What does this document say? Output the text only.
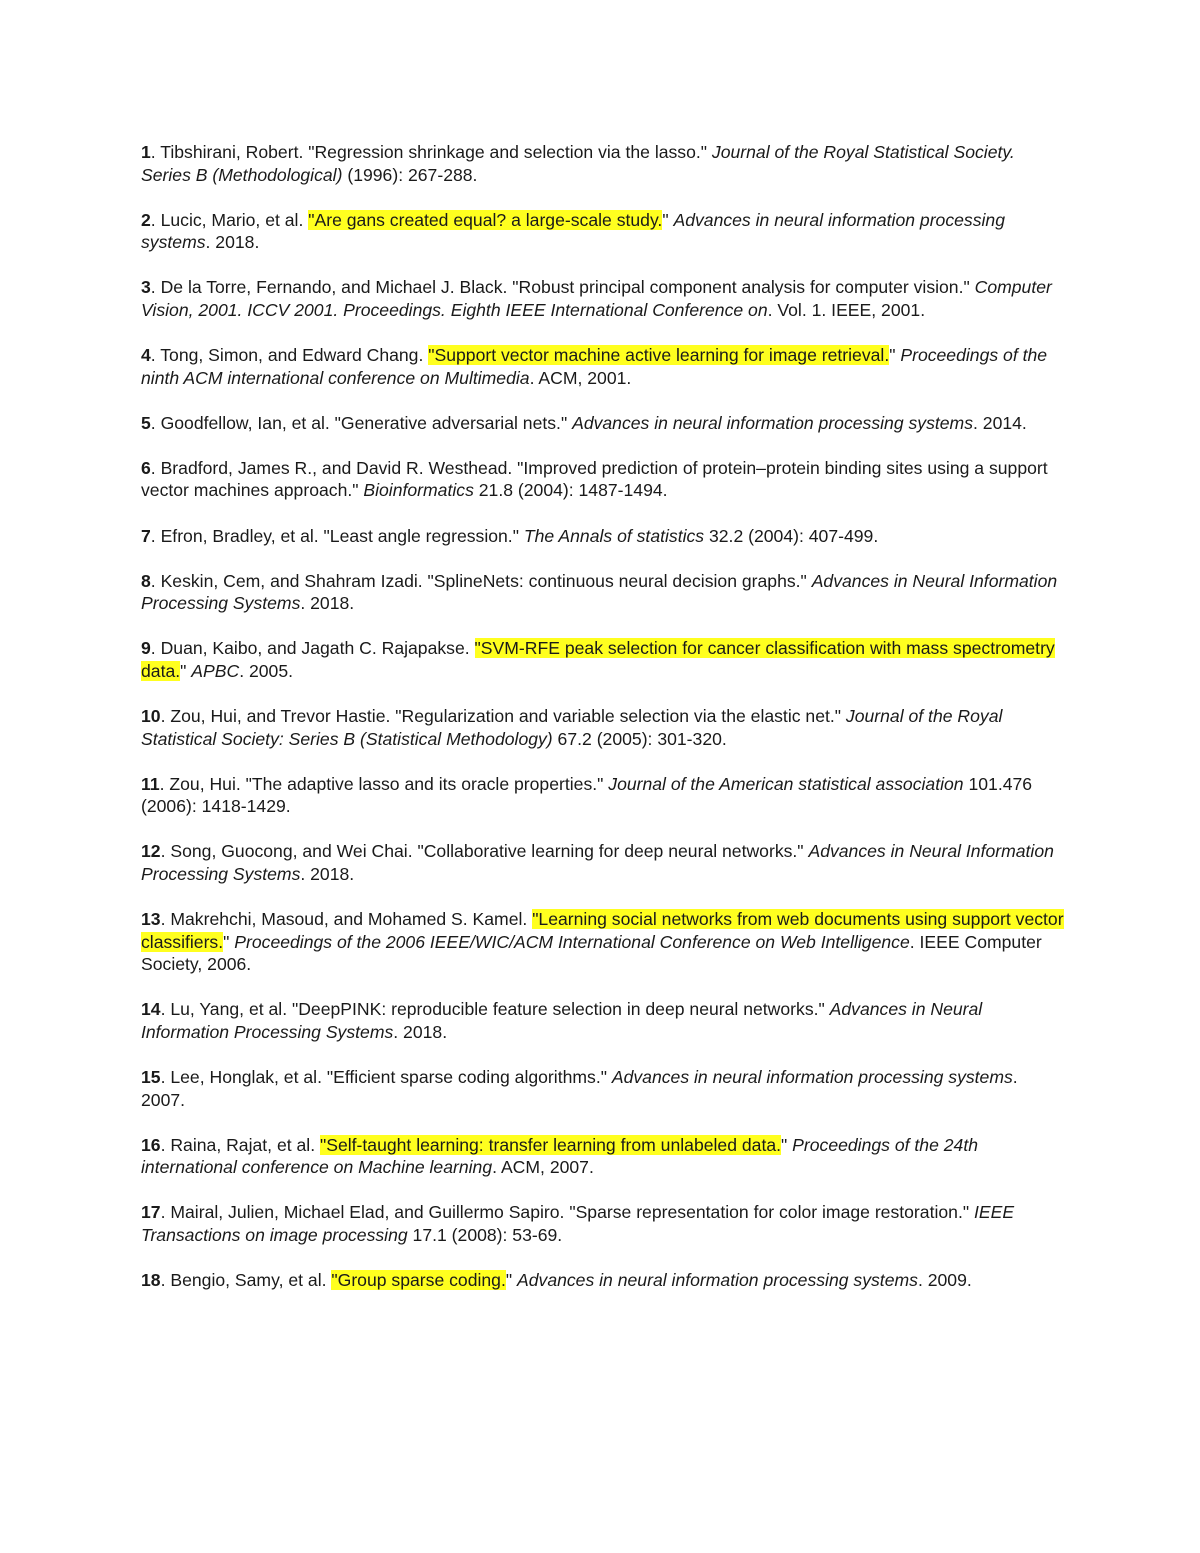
1. Tibshirani, Robert. "Regression shrinkage and selection via the lasso." Journal of the Royal Statistical Society. Series B (Methodological) (1996): 267-288.
2. Lucic, Mario, et al. "Are gans created equal? a large-scale study." Advances in neural information processing systems. 2018.
3. De la Torre, Fernando, and Michael J. Black. "Robust principal component analysis for computer vision." Computer Vision, 2001. ICCV 2001. Proceedings. Eighth IEEE International Conference on. Vol. 1. IEEE, 2001.
4. Tong, Simon, and Edward Chang. "Support vector machine active learning for image retrieval." Proceedings of the ninth ACM international conference on Multimedia. ACM, 2001.
5. Goodfellow, Ian, et al. "Generative adversarial nets." Advances in neural information processing systems. 2014.
6. Bradford, James R., and David R. Westhead. "Improved prediction of protein–protein binding sites using a support vector machines approach." Bioinformatics 21.8 (2004): 1487-1494.
7. Efron, Bradley, et al. "Least angle regression." The Annals of statistics 32.2 (2004): 407-499.
8. Keskin, Cem, and Shahram Izadi. "SplineNets: continuous neural decision graphs." Advances in Neural Information Processing Systems. 2018.
9. Duan, Kaibo, and Jagath C. Rajapakse. "SVM-RFE peak selection for cancer classification with mass spectrometry data." APBC. 2005.
10. Zou, Hui, and Trevor Hastie. "Regularization and variable selection via the elastic net." Journal of the Royal Statistical Society: Series B (Statistical Methodology) 67.2 (2005): 301-320.
11. Zou, Hui. "The adaptive lasso and its oracle properties." Journal of the American statistical association 101.476 (2006): 1418-1429.
12. Song, Guocong, and Wei Chai. "Collaborative learning for deep neural networks." Advances in Neural Information Processing Systems. 2018.
13. Makrehchi, Masoud, and Mohamed S. Kamel. "Learning social networks from web documents using support vector classifiers." Proceedings of the 2006 IEEE/WIC/ACM International Conference on Web Intelligence. IEEE Computer Society, 2006.
14. Lu, Yang, et al. "DeepPINK: reproducible feature selection in deep neural networks." Advances in Neural Information Processing Systems. 2018.
15. Lee, Honglak, et al. "Efficient sparse coding algorithms." Advances in neural information processing systems. 2007.
16. Raina, Rajat, et al. "Self-taught learning: transfer learning from unlabeled data." Proceedings of the 24th international conference on Machine learning. ACM, 2007.
17. Mairal, Julien, Michael Elad, and Guillermo Sapiro. "Sparse representation for color image restoration." IEEE Transactions on image processing 17.1 (2008): 53-69.
18. Bengio, Samy, et al. "Group sparse coding." Advances in neural information processing systems. 2009.
